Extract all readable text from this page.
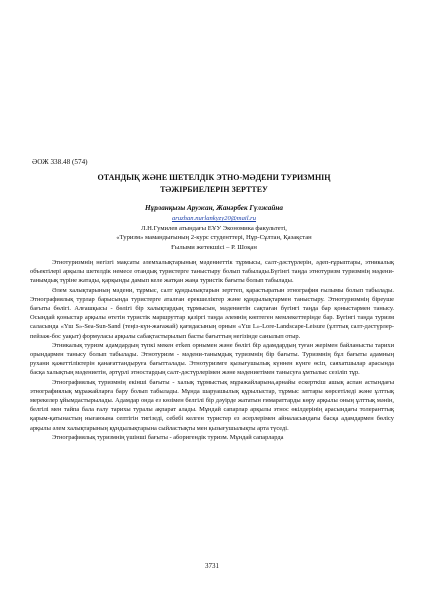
ӘОЖ 338.48 (574)
ОТАНДЫҚ ЖӘНЕ ШЕТЕЛДІК ЭТНО-МӘДЕНИ ТУРИЗМНІҢ
ТӘЖІРБИЕЛЕРІН ЗЕРТТЕУ
Нұрланқызы Аружан, Жанәрбек Гүлжайна
aruzhan.nurlankyzy20@mail.ru
Л.Н.Гумилев атындағы ЕҰУ Экономика факультеті,
«Туризм» мамандығының 2-курс студенттері, Нұр-Сұлтан, Қазақстан
Ғылыми жетекшісі – Р. Шоқан

Этнотуризмнің негізгі мақсаты әлемхалықтарының мәдениеттік тұрмысы, салт-дәстүрлерін, әдеп-ғұрыптары, этникалық объектілері арқылы шетелдік немесе отандық туристерге таныстыру болып табылады.Бүгінгі таңда этнотуризм туризмнің мәдени-танымдық түріне жатады, қарқынды дамып келе жатқан жаңа туристік бағыты болып табылады.

Әлем халықтарының мәдени, тұрмыс, салт құндылықтарын зерттеп, қарастыратын этнография ғылымы болып табылады. Этнографиялық турлар барысында туристерге аталған ерекшеліктер және құндылықтармен таныстыру. Этнотуризмнің біреуше бағыты бөлігі. Алғашқысы - бөлігі бір халықтардың тұрмысын, мәдениетін сақтаған бүгінгі таңда бар қоныстармен танысу. Осындай қоныстар арқылы өтетін туристік маршруттар қазіргі таңда әлемнің көптеген мемлекеттерінде бар. Бүгінгі таңда туризм саласында «Үш S»-Sea-Sun-Sand (теңіз-күн-жағажай) қағидасының орнын «Үш L»-Lore-Landscape-Leisure (ұлттық салт-дәстүрлер-пейзаж-бос уақыт) формуласы арқылы сабақтастырылып басты бағыттың негізінде санылып отыр.

Этникалық туризм адамдардың түпкі мекен етken орнымен және бөлігі бір адамдардың туған жерімен байланысты тарихи орындармен танысу болып табылады. Этнотуризм - мәдени-танымдық туризмнің бір бағыты. Туризмнің бұл бағыты адамның рухани қажеттіліктерін қанағаттандыруға бағытталады. Этнотуризмге қызығушылық күннен күнге өсіп, саяхатшылар арасында басқа халықтың мәдениетін, әртүрлі этностардың салт-дәстүрлерімен және мәдениетімен танысуға ұмтылыс сезіліп тұр.

Этнографиялық туризмнің екінші бағыты - халық тұрмыстық мұражайларына,арнайы ескерткіш ашық аспан астындағы этнографиялық мұражайларға бару болып табылады. Мұнда шаруашылық құрылыстар, тұрмыс заттары көрсетіледі және ұлттық мерекелер ұйымдастырылады. Адамдар онда ез көзімен белгілі бір дәуірде жататын ғимараттарды көру арқылы оның ұлттық мәнін, белгілі мен тайпа бала ғалу тарихы туралы ақпарат алады. Мұндай сапарлар арқылы этнос өкілдерінің арасындағы толеранттық қарым-қатынастың нығаюына септігін тигізеді, себебі келген туристер ез әсерлерімен айналасындағы басқа адамдармен бөлісу арқылы әлем халықтарының құндылықтарына сыйластықты мен қызығушылықты арта түседі.

Этнографиялық туризмнің үшінші бағыты - аборигендік туризм. Мұндай сапарларда

3731
